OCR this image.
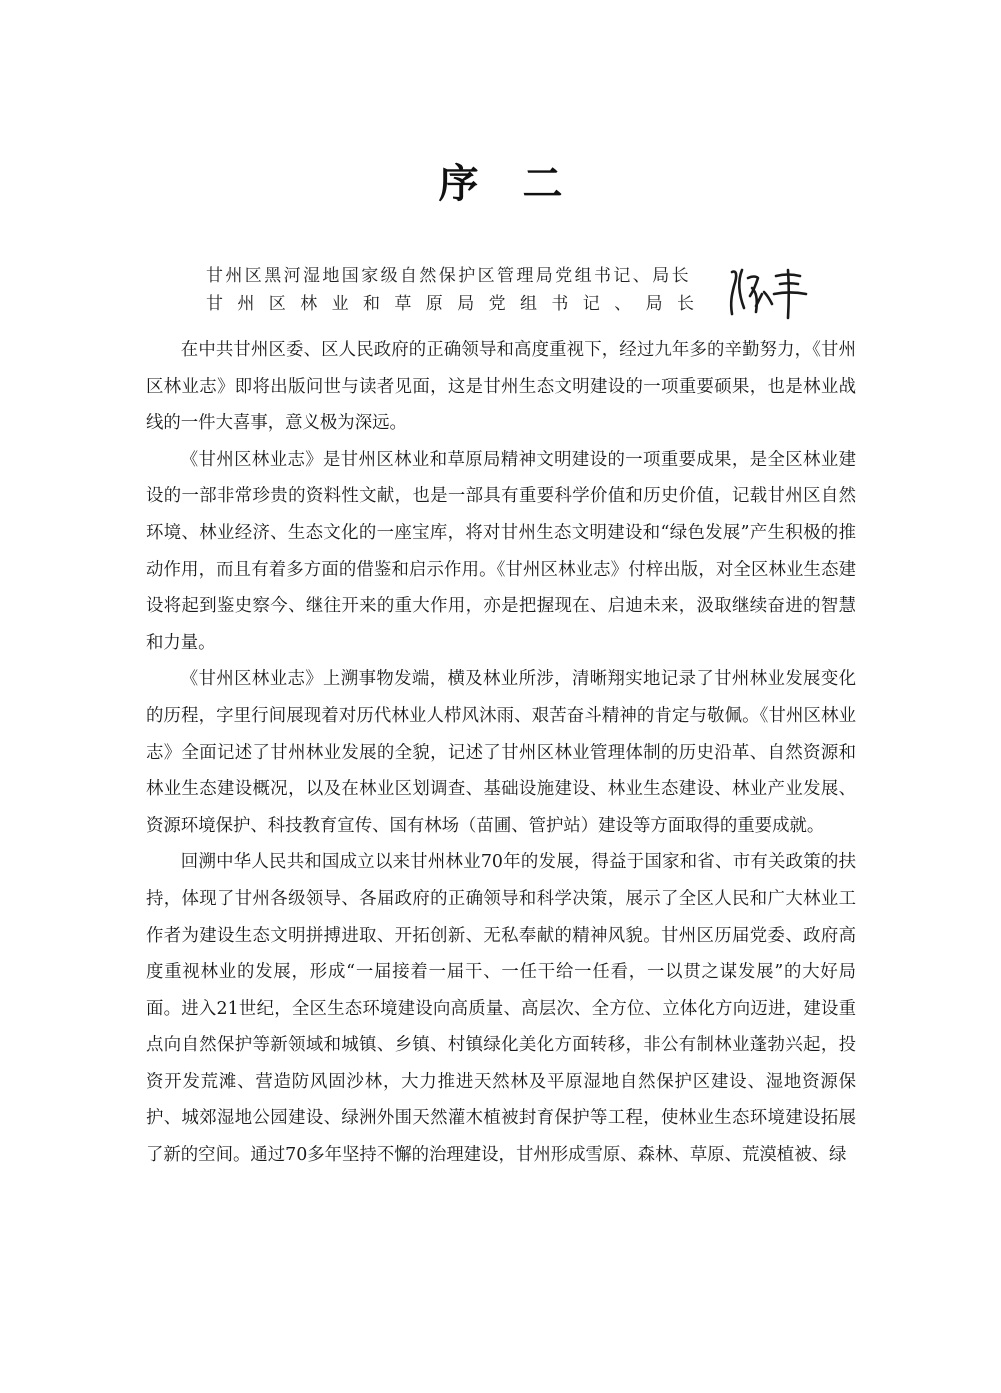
序二
甘州区黑河湿地国家级自然保护区管理局党组书记、局长
甘州区林业和草原局党组书记、局长

在中共甘州区委、区人民政府的正确领导和高度重视下，经过九年多的辛勤努力，《甘州区林业志》即将出版问世与读者见面，这是甘州生态文明建设的一项重要硕果，也是林业战线的一件大喜事，意义极为深远。

《甘州区林业志》是甘州区林业和草原局精神文明建设的一项重要成果，是全区林业建设的一部非常珍贵的资料性文献，也是一部具有重要科学价值和历史价值，记载甘州区自然环境、林业经济、生态文化的一座宝库，将对甘州生态文明建设和“绿色发展”产生积极的推动作用，而且有着多方面的借鉴和启示作用。《甘州区林业志》付梓出版，对全区林业生态建设将起到鉴史察今、继往开来的重大作用，亦是把握现在、启迪未来，汲取继续奋进的智慧和力量。

《甘州区林业志》上溯事物发端，横及林业所涉，清晰翔实地记录了甘州林业发展变化的历程，字里行间展现着对历代林业人栉风沐雨、艰苦奋斗精神的肯定与敬佩。《甘州区林业志》全面记述了甘州林业发展的全貌，记述了甘州区林业管理体制的历史沿革、自然资源和林业生态建设概况，以及在林业区划调查、基础设施建设、林业生态建设、林业产业发展、资源环境保护、科技教育宣传、国有林场（苗圃、管护站）建设等方面取得的重要成就。

回溯中华人民共和国成立以来甘州林业70年的发展，得益于国家和省、市有关政策的扶持，体现了甘州各级领导、各届政府的正确领导和科学决策，展示了全区人民和广大林业工作者为建设生态文明拼搏进取、开拓创新、无私奉献的精神风貌。甘州区历届党委、政府高度重视林业的发展，形成“一届接着一届干、一任干给一任看，一以贯之谋发展”的大好局面。进入21世纪，全区生态环境建设向高质量、高层次、全方位、立体化方向迈进，建设重点向自然保护等新领域和城镇、乡镇、村镇绿化美化方面转移，非公有制林业蓬勃兴起，投资开发荒滩、营造防风固沙林，大力推进天然林及平原湿地自然保护区建设、湿地资源保护、城郊湿地公园建设、绿洲外围天然灌木植被封育保护等工程，使林业生态环境建设拓展了新的空间。通过70多年坚持不懈的治理建设，甘州形成雪原、森林、草原、荒漠植被、绿
